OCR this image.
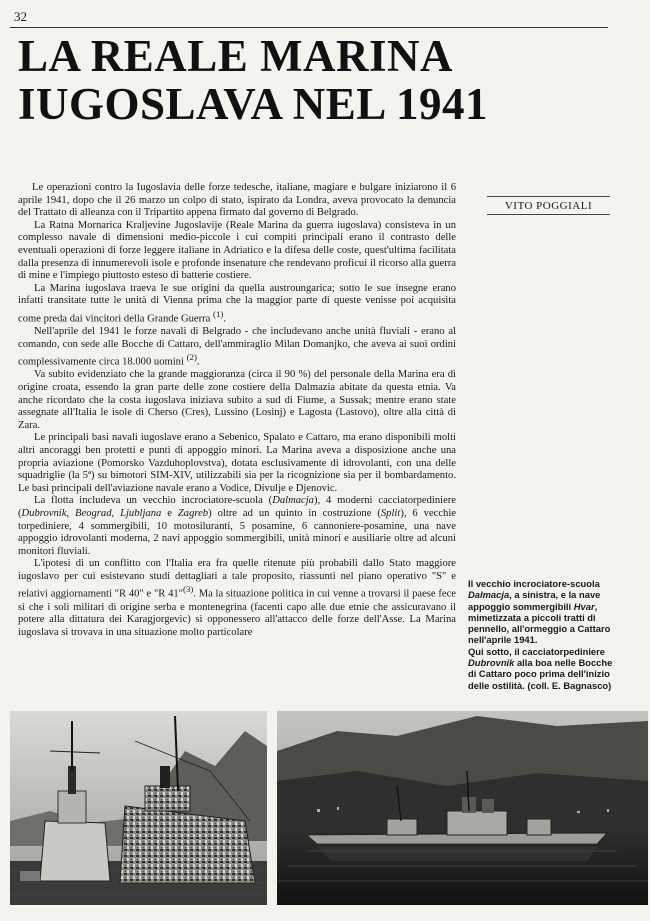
32
LA REALE MARINA
IUGOSLAVA NEL 1941
VITO POGGIALI

Le operazioni contro la Iugoslavia delle forze tedesche, italiane, magiare e bulgare iniziarono il 6 aprile 1941, dopo che il 26 marzo un colpo di stato, ispirato da Londra, aveva provocato la denuncia del Trattato di alleanza con il Tripartito appena firmato dal governo di Belgrado.

La Ratna Mornarica Kraljevine Jugoslavije (Reale Marina da guerra iugoslava) consisteva in un complesso navale di dimensioni medio-piccole i cui compiti principali erano il contrasto delle eventuali operazioni di forze leggere italiane in Adriatico e la difesa delle coste, quest'ultima facilitata dalla presenza di innumerevoli isole e profonde insenature che rendevano proficui il ricorso alla guerra di mine e l'impiego piuttosto esteso di batterie costiere.

La Marina iugoslava traeva le sue origini da quella austroungarica; sotto le sue insegne erano infatti transitate tutte le unità di Vienna prima che la maggior parte di queste venisse poi acquisita come preda dai vincitori della Grande Guerra $^{(1)}$.

Nell'aprile del 1941 le forze navali di Belgrado - che includevano anche unità fluviali - erano al comando, con sede alle Bocche di Cattaro, dell'ammiraglio Milan Domanjko, che aveva ai suoi ordini complessivamente circa 18.000 uomini $^{(2)}$.

Va subito evidenziato che la grande maggioranza (circa il 90 %) del personale della Marina era di origine croata, essendo la gran parte delle zone costiere della Dalmazia abitate da questa etnia. Va anche ricordato che la costa iugoslava iniziava subito a sud di Fiume, a Sussak; mentre erano state assegnate all'Italia le isole di Cherso (Cres), Lussino (Losinj) e Lagosta (Lastovo), oltre alla città di Zara.

Le principali basi navali iugoslave erano a Sebenico, Spalato e Cattaro, ma erano disponibili molti altri ancoraggi ben protetti e punti di appoggio minori. La Marina aveva a disposizione anche una propria aviazione (Pomorsko Vazduhoplovstva), dotata esclusivamente di idrovolanti, con una delle squadriglie (la 5ª) su bimotori SIM-XIV, utilizzabili sia per la ricognizione sia per il bombardamento. Le basi principali dell'aviazione navale erano a Vodice, Divulje e Djenovic.

La flotta includeva un vecchio incrociatore-scuola (Dalmacja), 4 moderni cacciatorpediniere (Dubrovnik, Beograd, Ljubljana e Zagreb) oltre ad un quinto in costruzione (Split), 6 vecchie torpediniere, 4 sommergibili, 10 motosiluranti, 5 posamine, 6 cannoniere-posamine, una nave appoggio idrovolanti moderna, 2 navi appoggio sommergibili, unità minori e ausiliarie oltre ad alcuni monitori fluviali.

L'ipotesi di un conflitto con l'Italia era fra quelle ritenute più probabili dallo Stato maggiore iugoslavo per cui esistevano studi dettagliati a tale proposito, riassunti nel piano operativo "S" e relativi aggiornamenti "R 40" e "R 41"$^{(3)}$. Ma la situazione politica in cui venne a trovarsi il paese fece sì che i soli militari di origine serba e montenegrina (facenti capo alle due etnie che assicuravano il potere alla dittatura dei Karagjorgevic) si opponessero all'attacco delle forze dell'Asse. La Marina iugoslava si trovava in una situazione molto particolare

Il vecchio incrociatore-scuola Dalmacja, a sinistra, e la nave appoggio sommergibili Hvar, mimetizzata a piccoli tratti di pennello, all'ormeggio a Cattaro nell'aprile 1941.

Qui sotto, il cacciatorpediniere Dubrovnik alla boa nelle Bocche di Cattaro poco prima dell'inizio delle ostilità. (coll. E. Bagnasco)
